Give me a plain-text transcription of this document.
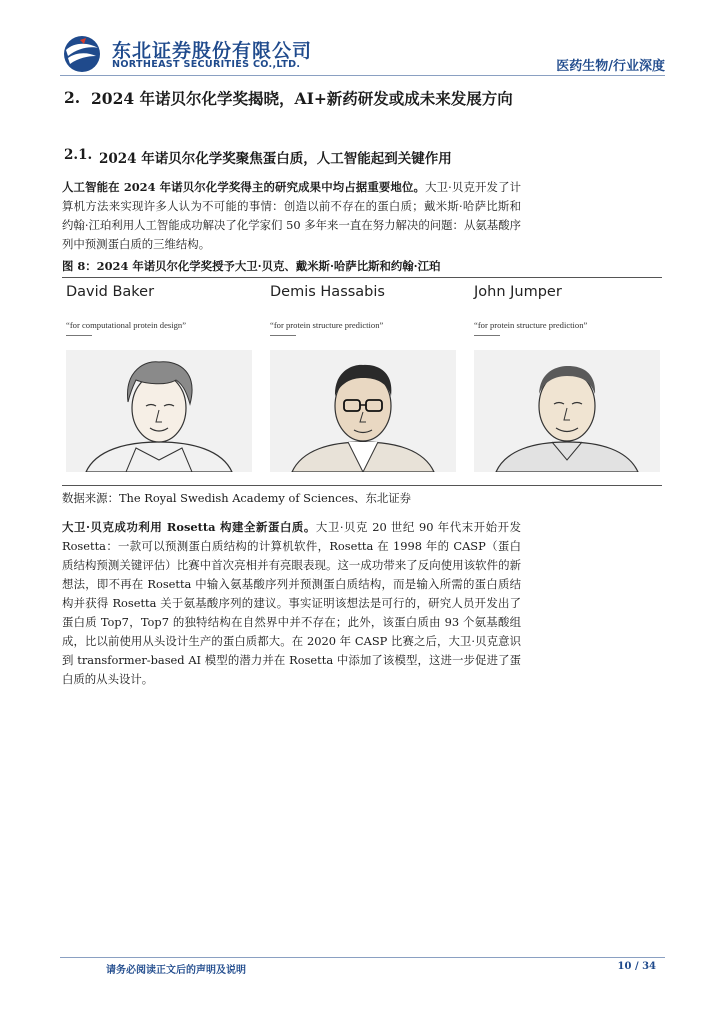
东北证券股份有限公司
NORTHEAST SECURITIES CO.,LTD.	医药生物/行业深度
2. 2024 年诺贝尔化学奖揭晓，AI+新药研发或成未来发展方向
2.1. 2024 年诺贝尔化学奖聚焦蛋白质，人工智能起到关键作用
人工智能在 2024 年诺贝尔化学奖得主的研究成果中均占据重要地位。大卫·贝克开发了计算机方法来实现许多人认为不可能的事情：创造以前不存在的蛋白质；戴米斯·哈萨比斯和约翰·江珀利用人工智能成功解决了化学家们 50 多年来一直在努力解决的问题：从氨基酸序列中预测蛋白质的三维结构。
图 8：2024 年诺贝尔化学奖授予大卫·贝克、戴米斯·哈萨比斯和约翰·江珀
David Baker	Demis Hassabis	John Jumper
“for computational protein design”	“for protein structure prediction”	“for protein structure prediction”
数据来源：The Royal Swedish Academy of Sciences、东北证券
大卫·贝克成功利用 Rosetta 构建全新蛋白质。大卫·贝克 20 世纪 90 年代末开始开发 Rosetta：一款可以预测蛋白质结构的计算机软件，Rosetta 在 1998 年的 CASP（蛋白质结构预测关键评估）比赛中首次亮相并有亮眼表现。这一成功带来了反向使用该软件的新想法，即不再在 Rosetta 中输入氨基酸序列并预测蛋白质结构，而是输入所需的蛋白质结构并获得 Rosetta 关于氨基酸序列的建议。事实证明该想法是可行的，研究人员开发出了蛋白质 Top7，Top7 的独特结构在自然界中并不存在；此外，该蛋白质由 93 个氨基酸组成，比以前使用从头设计生产的蛋白质都大。在 2020 年 CASP 比赛之后，大卫·贝克意识到 transformer-based AI 模型的潜力并在 Rosetta 中添加了该模型，这进一步促进了蛋白质的从头设计。
请务必阅读正文后的声明及说明	10 / 34
